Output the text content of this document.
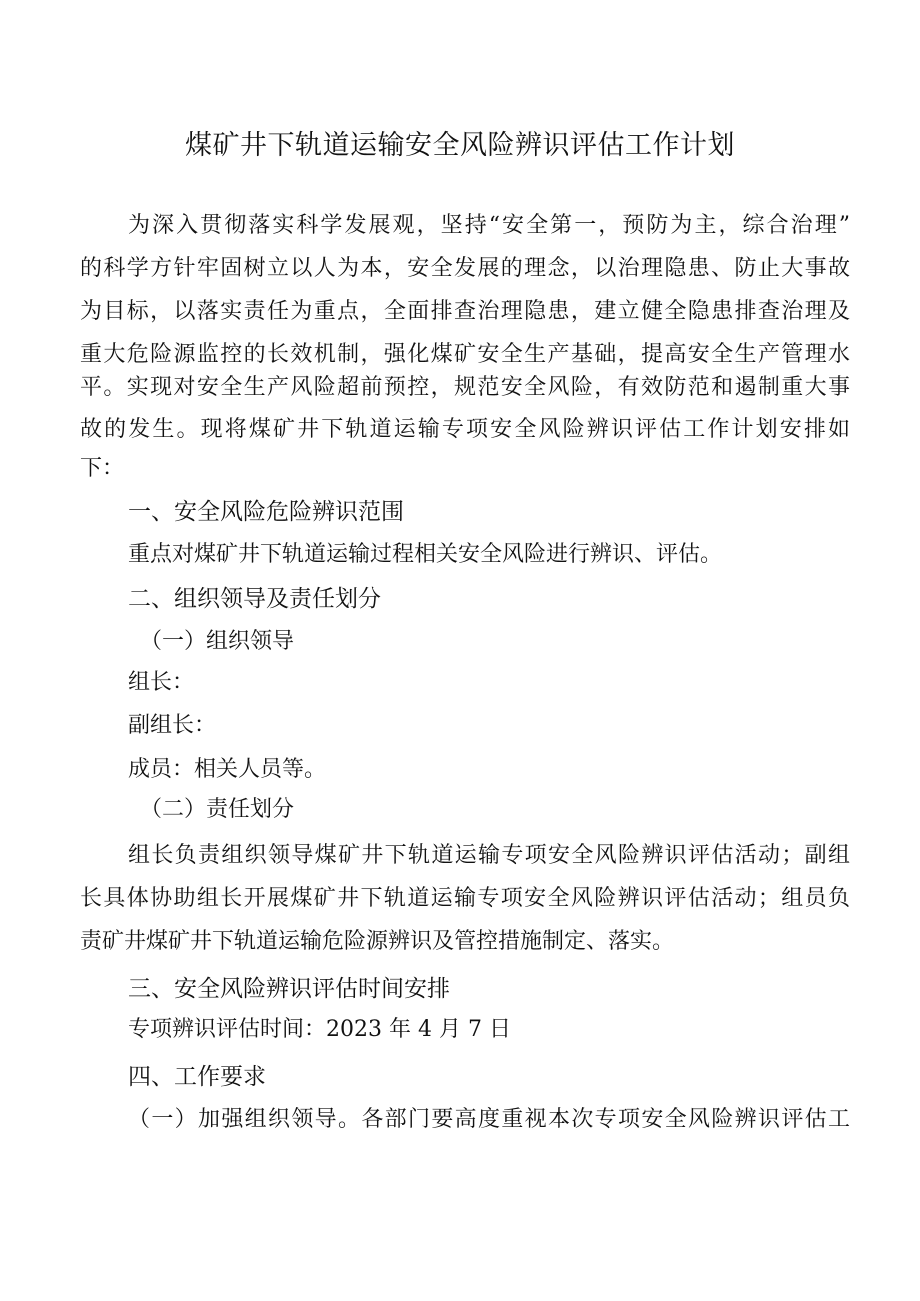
煤矿井下轨道运输安全风险辨识评估工作计划
为深入贯彻落实科学发展观，坚持“安全第一，预防为主，综合治理”
的科学方针牢固树立以人为本，安全发展的理念，以治理隐患、防止大事故
为目标，以落实责任为重点，全面排查治理隐患，建立健全隐患排查治理及
重大危险源监控的长效机制，强化煤矿安全生产基础，提高安全生产管理水
平。实现对安全生产风险超前预控，规范安全风险，有效防范和遏制重大事
故的发生。现将煤矿井下轨道运输专项安全风险辨识评估工作计划安排如
下：
一、安全风险危险辨识范围
重点对煤矿井下轨道运输过程相关安全风险进行辨识、评估。
二、组织领导及责任划分
（一）组织领导
组长：
副组长：
成员：相关人员等。
（二）责任划分
组长负责组织领导煤矿井下轨道运输专项安全风险辨识评估活动；副组
长具体协助组长开展煤矿井下轨道运输专项安全风险辨识评估活动；组员负
责矿井煤矿井下轨道运输危险源辨识及管控措施制定、落实。
三、安全风险辨识评估时间安排
专项辨识评估时间：2023 年 4 月 7 日
四、工作要求
（一）加强组织领导。各部门要高度重视本次专项安全风险辨识评估工
